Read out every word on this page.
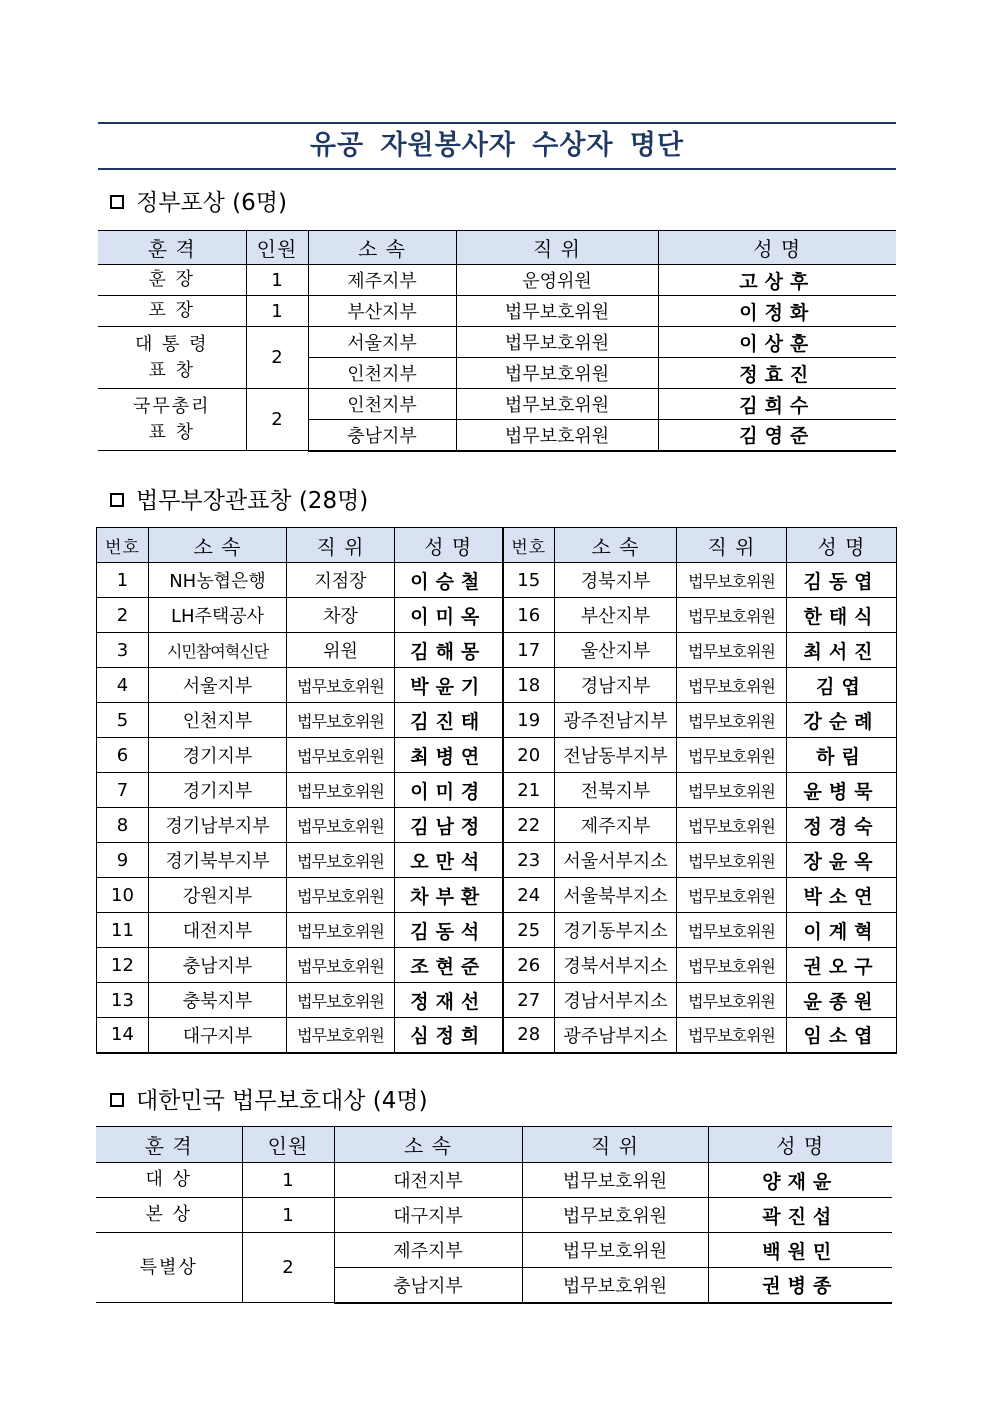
유공 자원봉사자 수상자 명단
정부포상 (6명)
훈 격	인원	소 속	직 위	성 명
훈 장	1	제주지부	운영위원	고상후
포 장	1	부산지부	법무보호위원	이정화
대 통 령
표 창	2	서울지부	법무보호위원	이상훈
		인천지부	법무보호위원	정효진
국무총리
표 창	2	인천지부	법무보호위원	김희수
		충남지부	법무보호위원	김영준
법무부장관표창 (28명)
번호	소 속	직 위	성 명	번호	소 속	직 위	성 명
1	NH농협은행	지점장	이승철	15	경북지부	법무보호위원	김동엽
2	LH주택공사	차장	이미옥	16	부산지부	법무보호위원	한태식
3	시민참여혁신단	위원	김해몽	17	울산지부	법무보호위원	최서진
4	서울지부	법무보호위원	박윤기	18	경남지부	법무보호위원	김엽
5	인천지부	법무보호위원	김진태	19	광주전남지부	법무보호위원	강순례
6	경기지부	법무보호위원	최병연	20	전남동부지부	법무보호위원	하림
7	경기지부	법무보호위원	이미경	21	전북지부	법무보호위원	윤병묵
8	경기남부지부	법무보호위원	김남정	22	제주지부	법무보호위원	정경숙
9	경기북부지부	법무보호위원	오만석	23	서울서부지소	법무보호위원	장윤옥
10	강원지부	법무보호위원	차부환	24	서울북부지소	법무보호위원	박소연
11	대전지부	법무보호위원	김동석	25	경기동부지소	법무보호위원	이계혁
12	충남지부	법무보호위원	조현준	26	경북서부지소	법무보호위원	권오구
13	충북지부	법무보호위원	정재선	27	경남서부지소	법무보호위원	윤종원
14	대구지부	법무보호위원	심정희	28	광주남부지소	법무보호위원	임소엽
대한민국 법무보호대상 (4명)
훈 격	인원	소 속	직 위	성 명
대 상	1	대전지부	법무보호위원	양재윤
본 상	1	대구지부	법무보호위원	곽진섭
특별상	2	제주지부	법무보호위원	백원민
		충남지부	법무보호위원	권병종
